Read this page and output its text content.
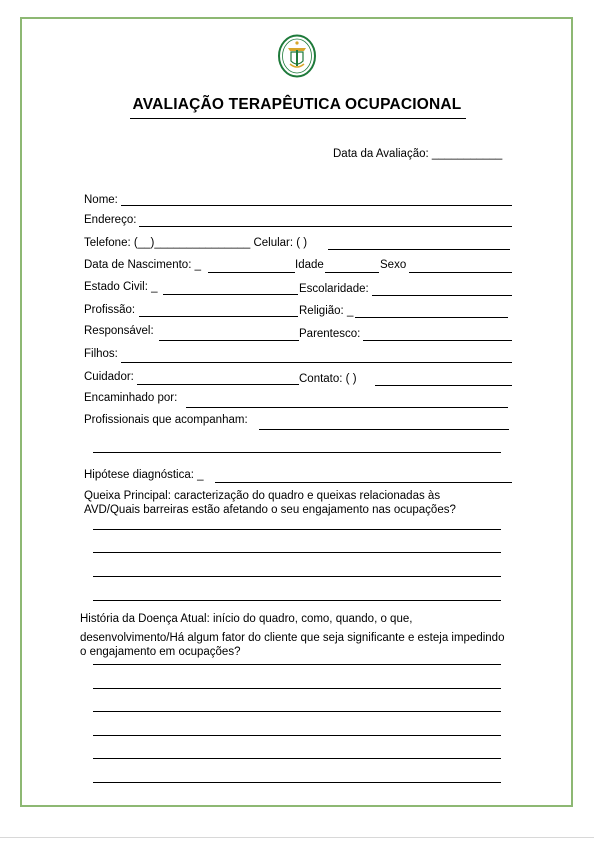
AVALIAÇÃO TERAPÊUTICA OCUPACIONAL
Data da Avaliação: ___________
Nome:
Endereço:
Telefone: (__)_______________ Celular: ( )
Data de Nascimento: _	Idade	Sexo
Estado Civil: _	Escolaridade:
Profissão:	Religião: _
Responsável:	Parentesco:
Filhos:
Cuidador:	Contato: ( )
Encaminhado por:
Profissionais que acompanham:
Hipótese diagnóstica: _
Queixa Principal: caracterização do quadro e queixas relacionadas às
AVD/Quais barreiras estão afetando o seu engajamento nas ocupações?
História da Doença Atual: início do quadro, como, quando, o que,
desenvolvimento/Há algum fator do cliente que seja significante e esteja impedindo
o engajamento em ocupações?
